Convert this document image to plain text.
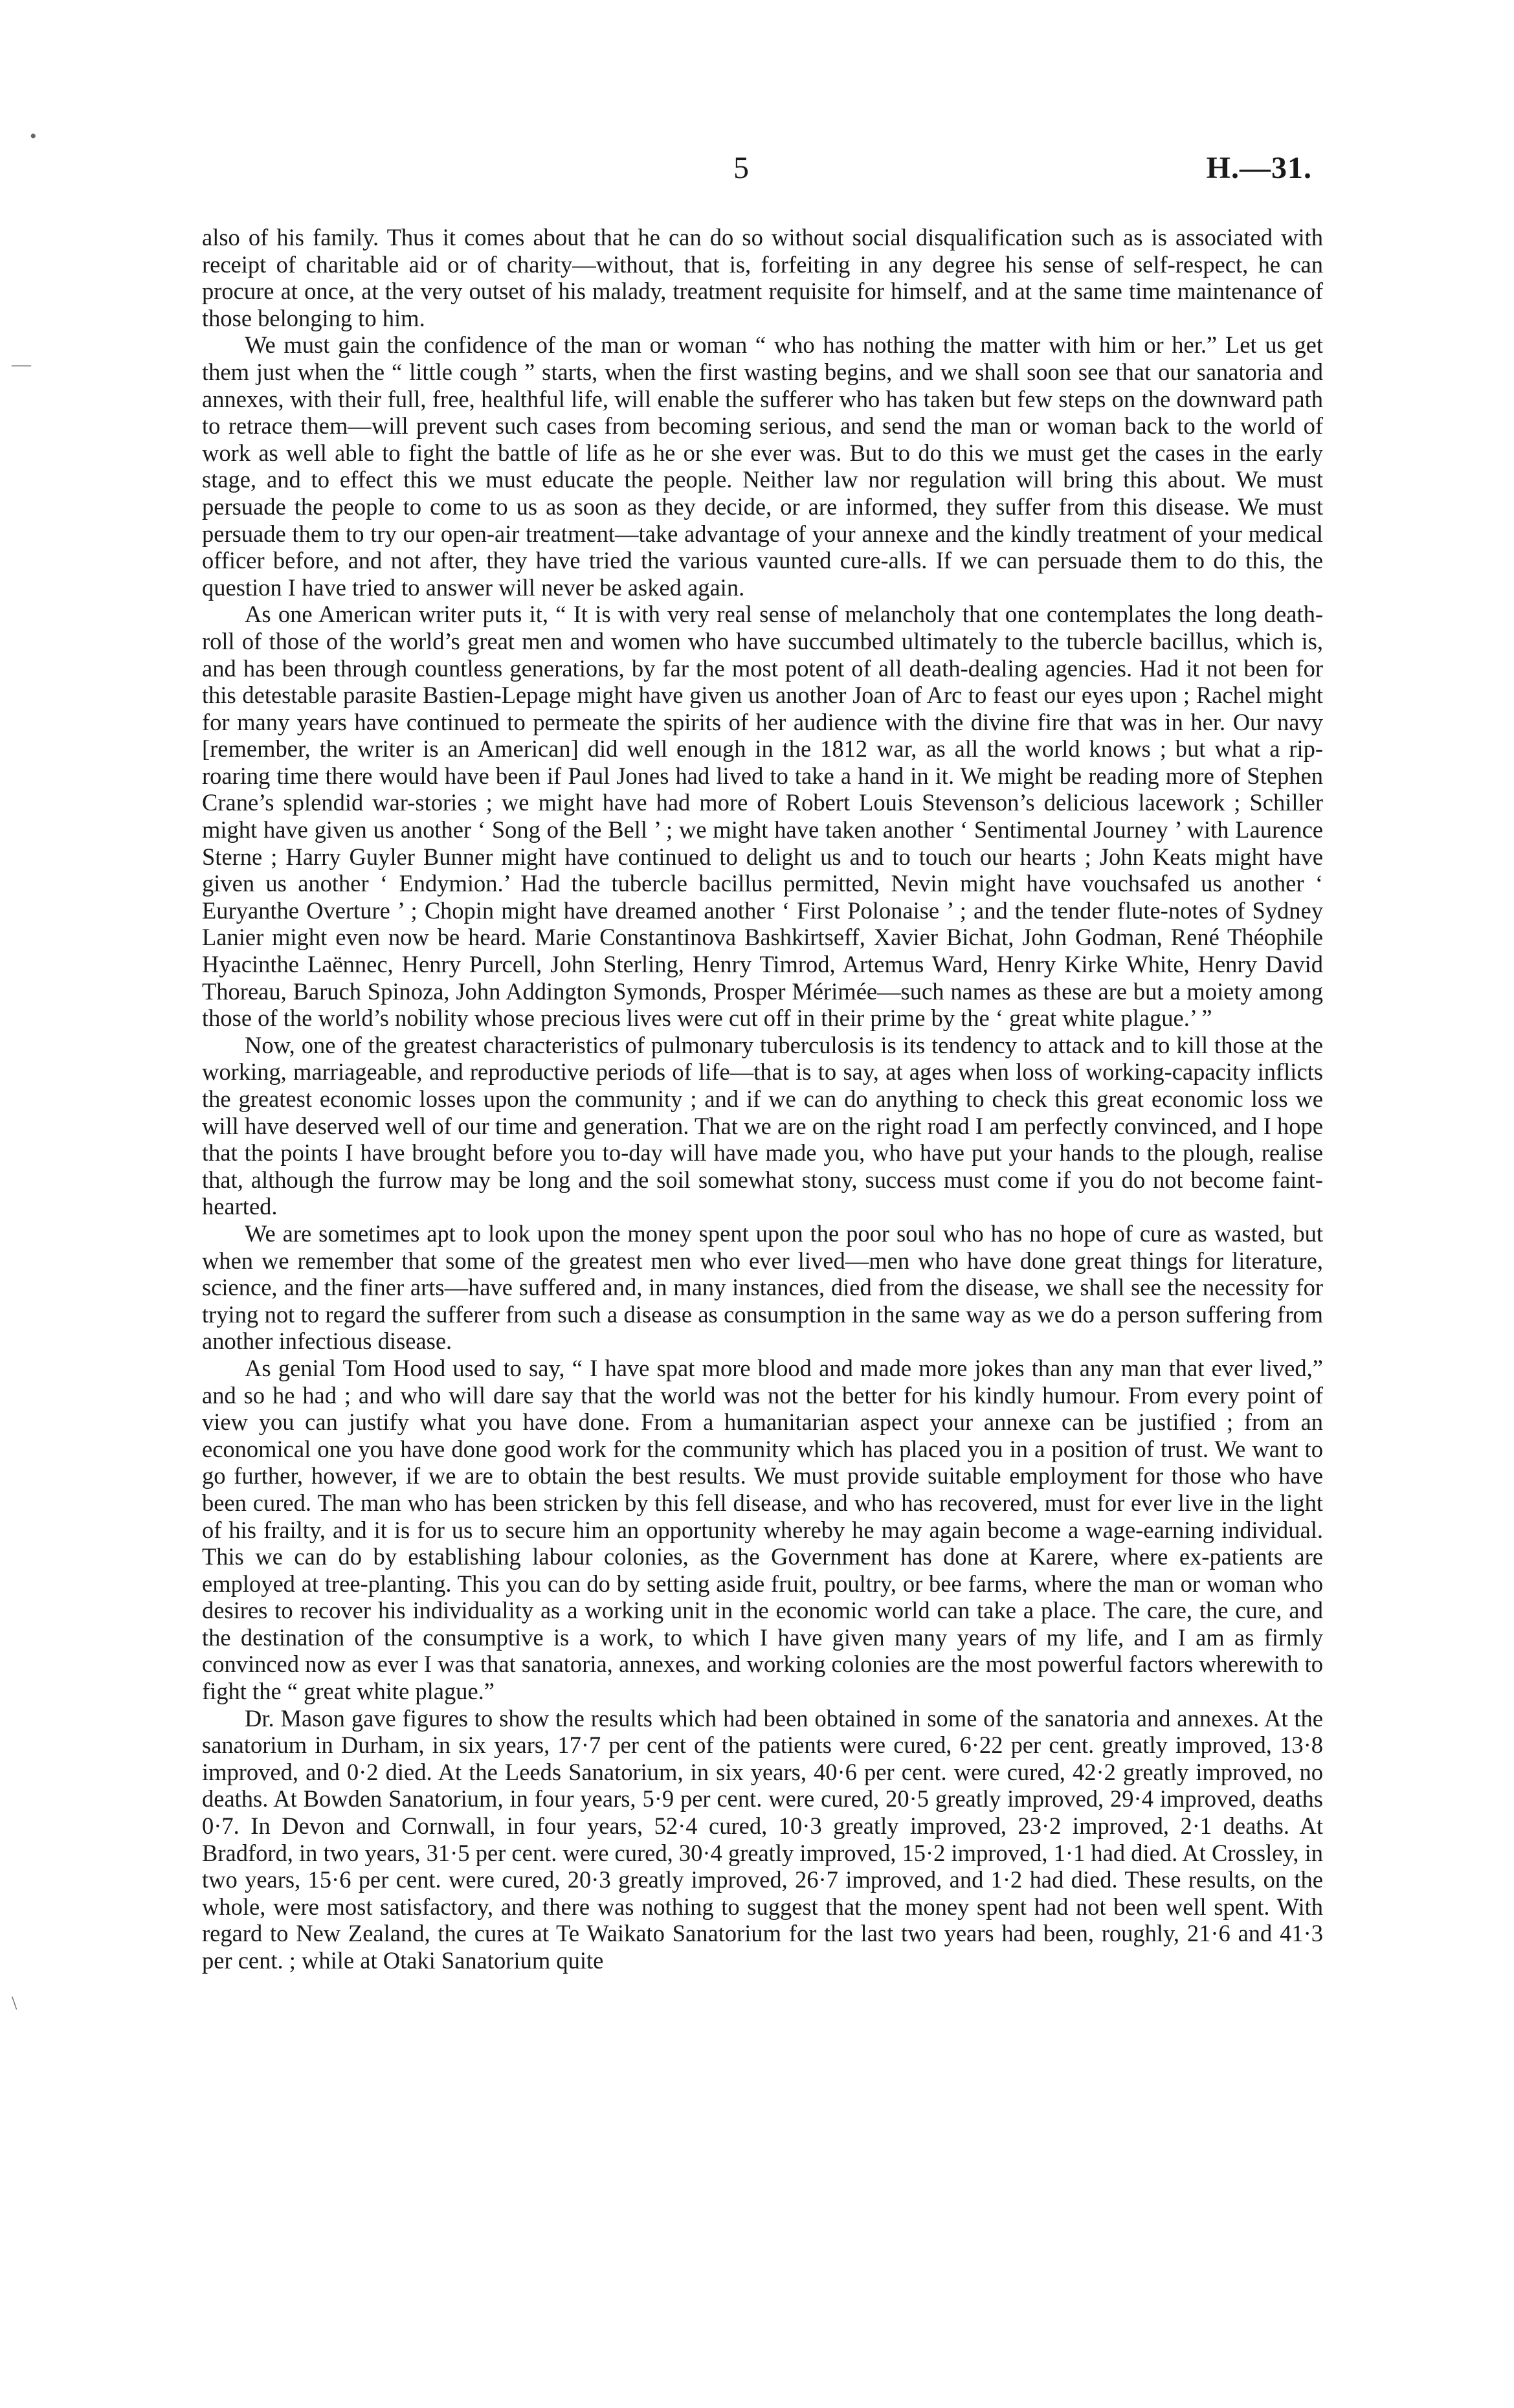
•
—
\
5	H.—31.

also of his family. Thus it comes about that he can do so without social disqualification such as is associated with receipt of charitable aid or of charity—without, that is, forfeiting in any degree his sense of self-respect, he can procure at once, at the very outset of his malady, treatment requisite for himself, and at the same time maintenance of those belonging to him.

We must gain the confidence of the man or woman “ who has nothing the matter with him or her.” Let us get them just when the “ little cough ” starts, when the first wasting begins, and we shall soon see that our sanatoria and annexes, with their full, free, healthful life, will enable the sufferer who has taken but few steps on the downward path to retrace them—will prevent such cases from becoming serious, and send the man or woman back to the world of work as well able to fight the battle of life as he or she ever was. But to do this we must get the cases in the early stage, and to effect this we must educate the people. Neither law nor regulation will bring this about. We must persuade the people to come to us as soon as they decide, or are informed, they suffer from this disease. We must persuade them to try our open-air treatment—take advantage of your annexe and the kindly treatment of your medical officer before, and not after, they have tried the various vaunted cure-alls. If we can persuade them to do this, the question I have tried to answer will never be asked again.

As one American writer puts it, “ It is with very real sense of melancholy that one contemplates the long death-roll of those of the world’s great men and women who have succumbed ultimately to the tubercle bacillus, which is, and has been through countless generations, by far the most potent of all death-dealing agencies. Had it not been for this detestable parasite Bastien-Lepage might have given us another Joan of Arc to feast our eyes upon ; Rachel might for many years have continued to permeate the spirits of her audience with the divine fire that was in her. Our navy [remember, the writer is an American] did well enough in the 1812 war, as all the world knows ; but what a rip-roaring time there would have been if Paul Jones had lived to take a hand in it. We might be reading more of Stephen Crane’s splendid war-stories ; we might have had more of Robert Louis Stevenson’s delicious lacework ; Schiller might have given us another ‘ Song of the Bell ’ ; we might have taken another ‘ Sentimental Journey ’ with Laurence Sterne ; Harry Guyler Bunner might have continued to delight us and to touch our hearts ; John Keats might have given us another ‘ Endymion.’ Had the tubercle bacillus permitted, Nevin might have vouchsafed us another ‘ Euryanthe Overture ’ ; Chopin might have dreamed another ‘ First Polonaise ’ ; and the tender flute-notes of Sydney Lanier might even now be heard. Marie Constantinova Bashkirtseff, Xavier Bichat, John Godman, René Théophile Hyacinthe Laënnec, Henry Purcell, John Sterling, Henry Timrod, Artemus Ward, Henry Kirke White, Henry David Thoreau, Baruch Spinoza, John Addington Symonds, Prosper Mérimée—such names as these are but a moiety among those of the world’s nobility whose precious lives were cut off in their prime by the ‘ great white plague.’ ”

Now, one of the greatest characteristics of pulmonary tuberculosis is its tendency to attack and to kill those at the working, marriageable, and reproductive periods of life—that is to say, at ages when loss of working-capacity inflicts the greatest economic losses upon the community ; and if we can do anything to check this great economic loss we will have deserved well of our time and generation. That we are on the right road I am perfectly convinced, and I hope that the points I have brought before you to-day will have made you, who have put your hands to the plough, realise that, although the furrow may be long and the soil somewhat stony, success must come if you do not become faint-hearted.

We are sometimes apt to look upon the money spent upon the poor soul who has no hope of cure as wasted, but when we remember that some of the greatest men who ever lived—men who have done great things for literature, science, and the finer arts—have suffered and, in many instances, died from the disease, we shall see the necessity for trying not to regard the sufferer from such a disease as consumption in the same way as we do a person suffering from another infectious disease.

As genial Tom Hood used to say, “ I have spat more blood and made more jokes than any man that ever lived,” and so he had ; and who will dare say that the world was not the better for his kindly humour. From every point of view you can justify what you have done. From a humanitarian aspect your annexe can be justified ; from an economical one you have done good work for the community which has placed you in a position of trust. We want to go further, however, if we are to obtain the best results. We must provide suitable employment for those who have been cured. The man who has been stricken by this fell disease, and who has recovered, must for ever live in the light of his frailty, and it is for us to secure him an opportunity whereby he may again become a wage-earning individual. This we can do by establishing labour colonies, as the Government has done at Karere, where ex-patients are employed at tree-planting. This you can do by setting aside fruit, poultry, or bee farms, where the man or woman who desires to recover his individuality as a working unit in the economic world can take a place. The care, the cure, and the destination of the consumptive is a work, to which I have given many years of my life, and I am as firmly convinced now as ever I was that sanatoria, annexes, and working colonies are the most powerful factors wherewith to fight the “ great white plague.”

Dr. Mason gave figures to show the results which had been obtained in some of the sanatoria and annexes. At the sanatorium in Durham, in six years, 17·7 per cent of the patients were cured, 6·22 per cent. greatly improved, 13·8 improved, and 0·2 died. At the Leeds Sanatorium, in six years, 40·6 per cent. were cured, 42·2 greatly improved, no deaths. At Bowden Sanatorium, in four years, 5·9 per cent. were cured, 20·5 greatly improved, 29·4 improved, deaths 0·7. In Devon and Cornwall, in four years, 52·4 cured, 10·3 greatly improved, 23·2 improved, 2·1 deaths. At Bradford, in two years, 31·5 per cent. were cured, 30·4 greatly improved, 15·2 improved, 1·1 had died. At Crossley, in two years, 15·6 per cent. were cured, 20·3 greatly improved, 26·7 improved, and 1·2 had died. These results, on the whole, were most satisfactory, and there was nothing to suggest that the money spent had not been well spent. With regard to New Zealand, the cures at Te Waikato Sanatorium for the last two years had been, roughly, 21·6 and 41·3 per cent. ; while at Otaki Sanatorium quite
